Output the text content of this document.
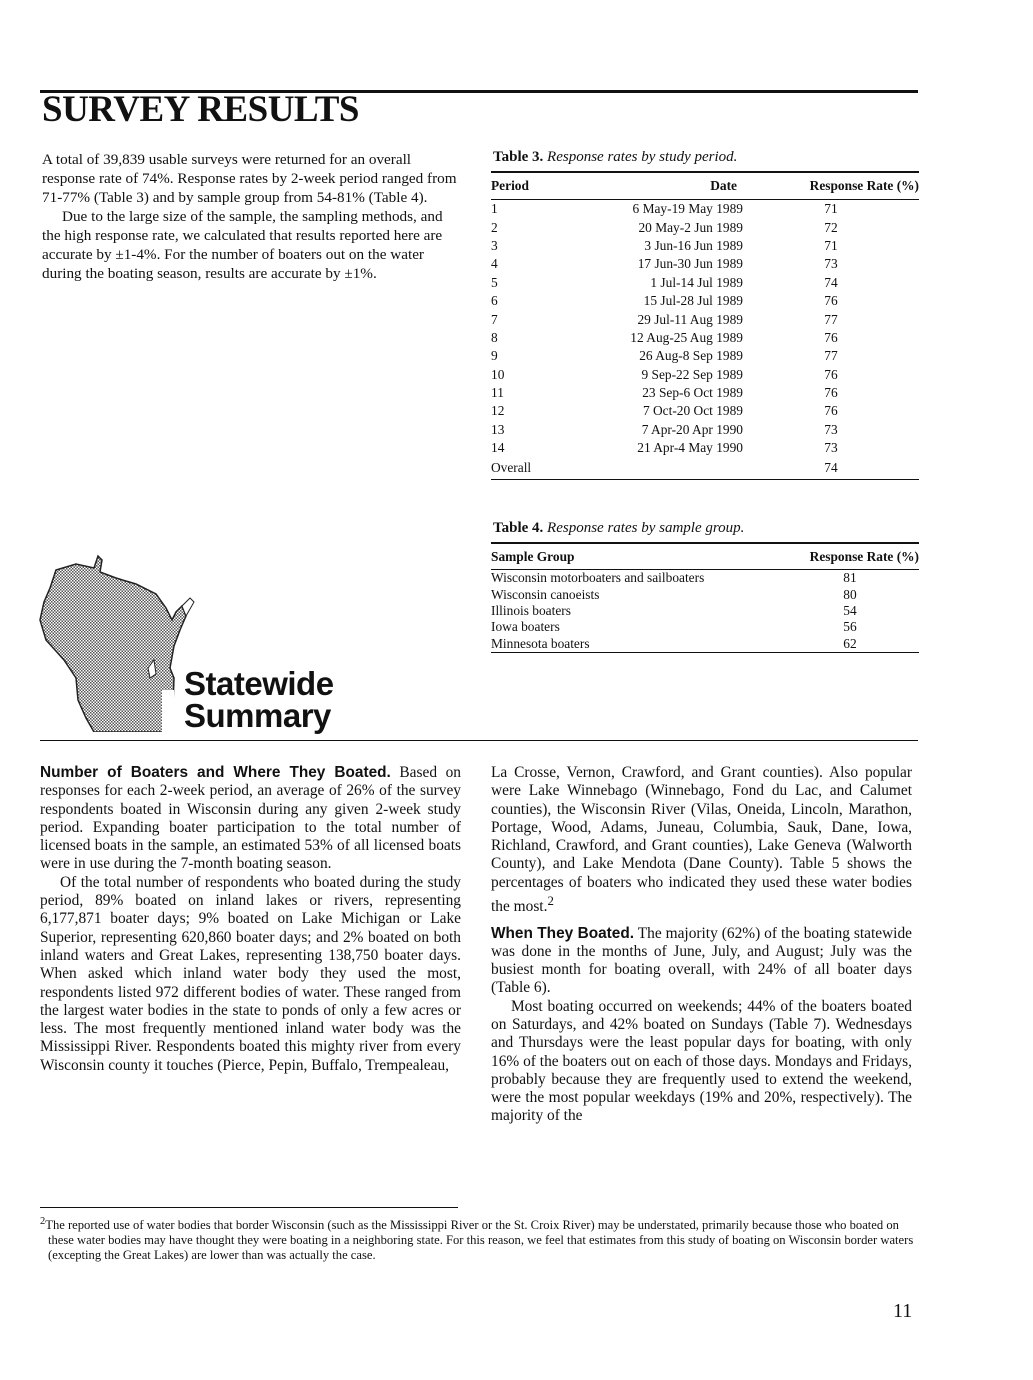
SURVEY RESULTS

A total of 39,839 usable surveys were returned for an overall response rate of 74%. Response rates by 2-week period ranged from 71-77% (Table 3) and by sample group from 54-81% (Table 4).

Due to the large size of the sample, the sampling methods, and the high response rate, we calculated that results reported here are accurate by ±1-4%. For the number of boaters out on the water during the boating season, results are accurate by ±1%.

Table 3. Response rates by study period.
Period	Date	Response Rate (%)
1	6 May-19 May 1989	71
2	20 May-2 Jun 1989	72
3	3 Jun-16 Jun 1989	71
4	17 Jun-30 Jun 1989	73
5	1 Jul-14 Jul 1989	74
6	15 Jul-28 Jul 1989	76
7	29 Jul-11 Aug 1989	77
8	12 Aug-25 Aug 1989	76
9	26 Aug-8 Sep 1989	77
10	9 Sep-22 Sep 1989	76
11	23 Sep-6 Oct 1989	76
12	7 Oct-20 Oct 1989	76
13	7 Apr-20 Apr 1990	73
14	21 Apr-4 May 1990	73
Overall		74
Table 4. Response rates by sample group.
Sample Group	Response Rate (%)
Wisconsin motorboaters and sailboaters	81
Wisconsin canoeists	80
Illinois boaters	54
Iowa boaters	56
Minnesota boaters	62
Statewide
Summary

Number of Boaters and Where They Boated. Based on responses for each 2-week period, an average of 26% of the survey respondents boated in Wisconsin during any given 2-week study period. Expanding boater participation to the total number of licensed boats in the sample, an estimated 53% of all licensed boats were in use during the 7-month boating season.

Of the total number of respondents who boated during the study period, 89% boated on inland lakes or rivers, representing 6,177,871 boater days; 9% boated on Lake Michigan or Lake Superior, representing 620,860 boater days; and 2% boated on both inland waters and Great Lakes, representing 138,750 boater days. When asked which inland water body they used the most, respondents listed 972 different bodies of water. These ranged from the largest water bodies in the state to ponds of only a few acres or less. The most frequently mentioned inland water body was the Mississippi River. Respondents boated this mighty river from every Wisconsin county it touches (Pierce, Pepin, Buffalo, Trempealeau,

La Crosse, Vernon, Crawford, and Grant counties). Also popular were Lake Winnebago (Winnebago, Fond du Lac, and Calumet counties), the Wisconsin River (Vilas, Oneida, Lincoln, Marathon, Portage, Wood, Adams, Juneau, Columbia, Sauk, Dane, Iowa, Richland, Crawford, and Grant counties), Lake Geneva (Walworth County), and Lake Mendota (Dane County). Table 5 shows the percentages of boaters who indicated they used these water bodies the most.$^2$

When They Boated. The majority (62%) of the boating statewide was done in the months of June, July, and August; July was the busiest month for boating overall, with 24% of all boater days (Table 6).

Most boating occurred on weekends; 44% of the boaters boated on Saturdays, and 42% boated on Sundays (Table 7). Wednesdays and Thursdays were the least popular days for boating, with only 16% of the boaters out on each of those days. Mondays and Fridays, probably because they are frequently used to extend the weekend, were the most popular weekdays (19% and 20%, respectively). The majority of the

$^2$The reported use of water bodies that border Wisconsin (such as the Mississippi River or the St. Croix River) may be understated, primarily because those who boated on these water bodies may have thought they were boating in a neighboring state. For this reason, we feel that estimates from this study of boating on Wisconsin border waters (excepting the Great Lakes) are lower than was actually the case.

11
